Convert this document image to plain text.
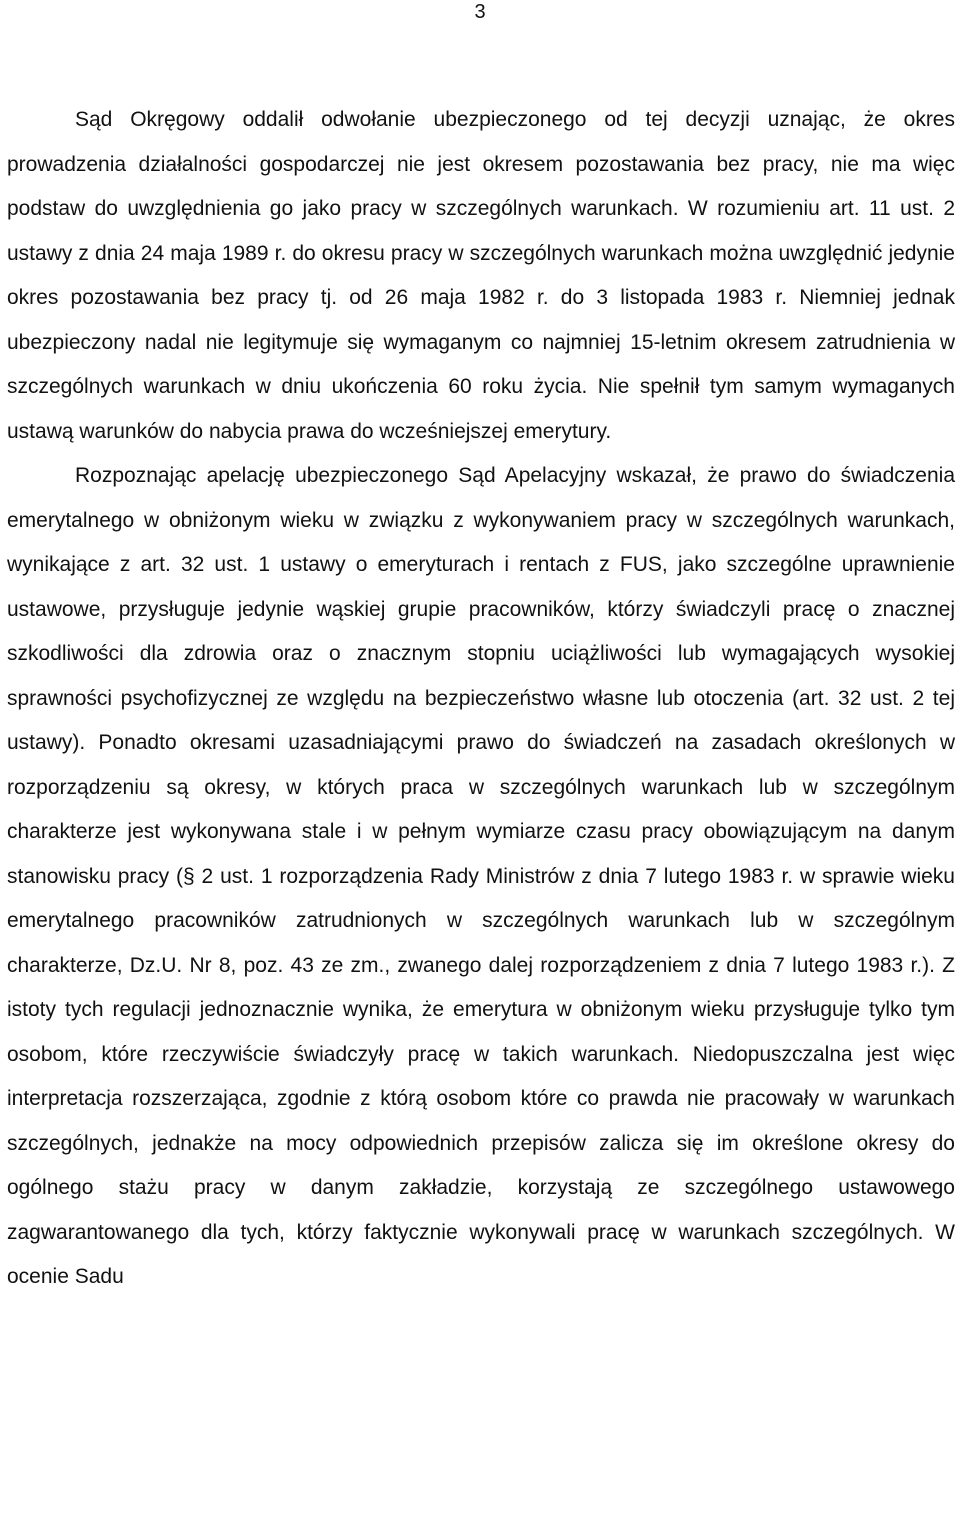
3

Sąd Okręgowy oddalił odwołanie ubezpieczonego od tej decyzji uznając, że okres prowadzenia działalności gospodarczej nie jest okresem pozostawania bez pracy, nie ma więc podstaw do uwzględnienia go jako pracy w szczególnych warunkach. W rozumieniu art. 11 ust. 2 ustawy z dnia 24 maja 1989 r. do okresu pracy w szczególnych warunkach można uwzględnić jedynie okres pozostawania bez pracy tj. od 26 maja 1982 r. do 3 listopada 1983 r. Niemniej jednak ubezpieczony nadal nie legitymuje się wymaganym co najmniej 15-letnim okresem zatrudnienia w szczególnych warunkach w dniu ukończenia 60 roku życia. Nie spełnił tym samym wymaganych ustawą warunków do nabycia prawa do wcześniejszej emerytury.

Rozpoznając apelację ubezpieczonego Sąd Apelacyjny wskazał, że prawo do świadczenia emerytalnego w obniżonym wieku w związku z wykonywaniem pracy w szczególnych warunkach, wynikające z art. 32 ust. 1 ustawy o emeryturach i rentach z FUS, jako szczególne uprawnienie ustawowe, przysługuje jedynie wąskiej grupie pracowników, którzy świadczyli pracę o znacznej szkodliwości dla zdrowia oraz o znacznym stopniu uciążliwości lub wymagających wysokiej sprawności psychofizycznej ze względu na bezpieczeństwo własne lub otoczenia (art. 32 ust. 2 tej ustawy). Ponadto okresami uzasadniającymi prawo do świadczeń na zasadach określonych w rozporządzeniu są okresy, w których praca w szczególnych warunkach lub w szczególnym charakterze jest wykonywana stale i w pełnym wymiarze czasu pracy obowiązującym na danym stanowisku pracy (§ 2 ust. 1 rozporządzenia Rady Ministrów z dnia 7 lutego 1983 r. w sprawie wieku emerytalnego pracowników zatrudnionych w szczególnych warunkach lub w szczególnym charakterze, Dz.U. Nr 8, poz. 43 ze zm., zwanego dalej rozporządzeniem z dnia 7 lutego 1983 r.). Z istoty tych regulacji jednoznacznie wynika, że emerytura w obniżonym wieku przysługuje tylko tym osobom, które rzeczywiście świadczyły pracę w takich warunkach. Niedopuszczalna jest więc interpretacja rozszerzająca, zgodnie z którą osobom które co prawda nie pracowały w warunkach szczególnych, jednakże na mocy odpowiednich przepisów zalicza się im określone okresy do ogólnego stażu pracy w danym zakładzie, korzystają ze szczególnego ustawowego zagwarantowanego dla tych, którzy faktycznie wykonywali pracę w warunkach szczególnych. W ocenie Sadu
